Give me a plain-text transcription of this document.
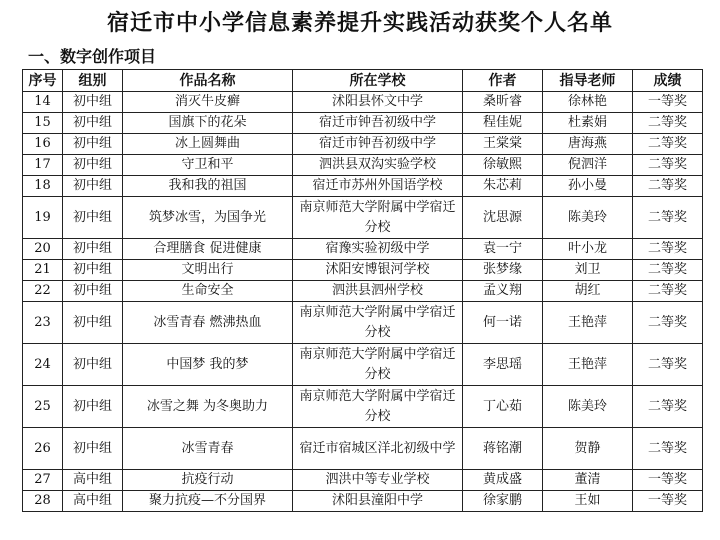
宿迁市中小学信息素养提升实践活动获奖个人名单
一、数字创作项目
序号	组别	作品名称	所在学校	作者	指导老师	成绩
14	初中组	消灭牛皮癣	沭阳县怀文中学	桑昕睿	徐林艳	一等奖
15	初中组	国旗下的花朵	宿迁市钟吾初级中学	程佳妮	杜素娟	二等奖
16	初中组	冰上圆舞曲	宿迁市钟吾初级中学	王棠棠	唐海燕	二等奖
17	初中组	守卫和平	泗洪县双沟实验学校	徐敏熙	倪泗洋	二等奖
18	初中组	我和我的祖国	宿迁市苏州外国语学校	朱芯莉	孙小曼	二等奖
19	初中组	筑梦冰雪，为国争光	南京师范大学附属中学宿迁分校	沈思源	陈美玲	二等奖
20	初中组	合理膳食 促进健康	宿豫实验初级中学	袁一宁	叶小龙	二等奖
21	初中组	文明出行	沭阳安博银河学校	张梦缘	刘卫	二等奖
22	初中组	生命安全	泗洪县泗州学校	孟义翔	胡红	二等奖
23	初中组	冰雪青春 燃沸热血	南京师范大学附属中学宿迁分校	何一诺	王艳萍	二等奖
24	初中组	中国梦 我的梦	南京师范大学附属中学宿迁分校	李思瑶	王艳萍	二等奖
25	初中组	冰雪之舞 为冬奥助力	南京师范大学附属中学宿迁分校	丁心茹	陈美玲	二等奖
26	初中组	冰雪青春	宿迁市宿城区洋北初级中学	蒋铭潮	贺静	二等奖
27	高中组	抗疫行动	泗洪中等专业学校	黄成盛	董清	一等奖
28	高中组	聚力抗疫—不分国界	沭阳县潼阳中学	徐家鹏	王如	一等奖
